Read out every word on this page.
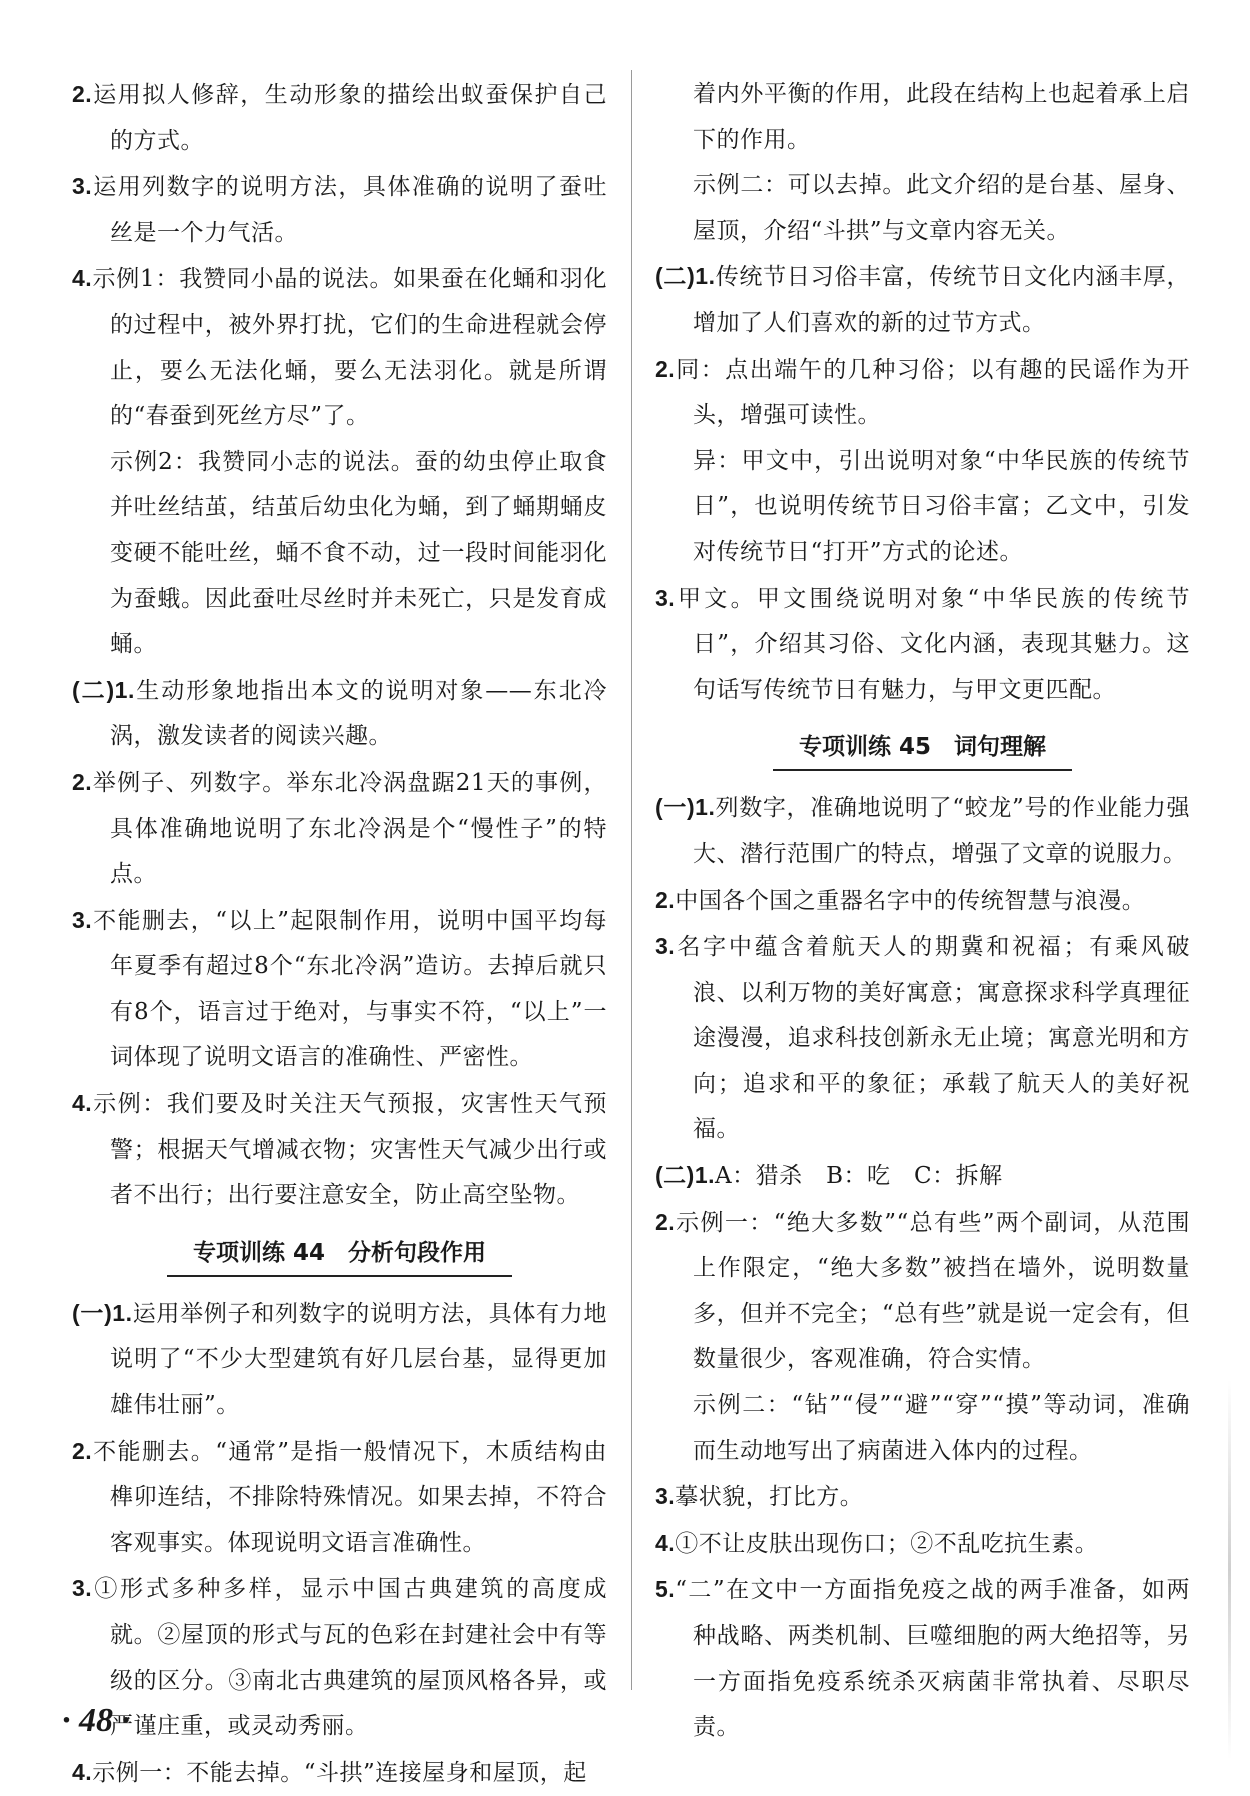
2.运用拟人修辞，生动形象的描绘出蚁蚕保护自己的方式。

3.运用列数字的说明方法，具体准确的说明了蚕吐丝是一个力气活。

4.示例1：我赞同小晶的说法。如果蚕在化蛹和羽化的过程中，被外界打扰，它们的生命进程就会停止，要么无法化蛹，要么无法羽化。就是所谓的“春蚕到死丝方尽”了。

示例2：我赞同小志的说法。蚕的幼虫停止取食并吐丝结茧，结茧后幼虫化为蛹，到了蛹期蛹皮变硬不能吐丝，蛹不食不动，过一段时间能羽化为蚕蛾。因此蚕吐尽丝时并未死亡，只是发育成蛹。

(二)1.生动形象地指出本文的说明对象——东北冷涡，激发读者的阅读兴趣。

2.举例子、列数字。举东北冷涡盘踞21天的事例，具体准确地说明了东北冷涡是个“慢性子”的特点。

3.不能删去，“以上”起限制作用，说明中国平均每年夏季有超过8个“东北冷涡”造访。去掉后就只有8个，语言过于绝对，与事实不符，“以上”一词体现了说明文语言的准确性、严密性。

4.示例：我们要及时关注天气预报，灾害性天气预警；根据天气增减衣物；灾害性天气减少出行或者不出行；出行要注意安全，防止高空坠物。

专项训练 44　分析句段作用

(一)1.运用举例子和列数字的说明方法，具体有力地说明了“不少大型建筑有好几层台基，显得更加雄伟壮丽”。

2.不能删去。“通常”是指一般情况下，木质结构由榫卯连结，不排除特殊情况。如果去掉，不符合客观事实。体现说明文语言准确性。

3.①形式多种多样，显示中国古典建筑的高度成就。②屋顶的形式与瓦的色彩在封建社会中有等级的区分。③南北古典建筑的屋顶风格各异，或严谨庄重，或灵动秀丽。

4.示例一：不能去掉。“斗拱”连接屋身和屋顶，起

着内外平衡的作用，此段在结构上也起着承上启下的作用。

示例二：可以去掉。此文介绍的是台基、屋身、屋顶，介绍“斗拱”与文章内容无关。

(二)1.传统节日习俗丰富，传统节日文化内涵丰厚，增加了人们喜欢的新的过节方式。

2.同：点出端午的几种习俗；以有趣的民谣作为开头，增强可读性。

异：甲文中，引出说明对象“中华民族的传统节日”，也说明传统节日习俗丰富；乙文中，引发对传统节日“打开”方式的论述。

3.甲文。甲文围绕说明对象“中华民族的传统节日”，介绍其习俗、文化内涵，表现其魅力。这句话写传统节日有魅力，与甲文更匹配。

专项训练 45　词句理解

(一)1.列数字，准确地说明了“蛟龙”号的作业能力强大、潜行范围广的特点，增强了文章的说服力。

2.中国各个国之重器名字中的传统智慧与浪漫。

3.名字中蕴含着航天人的期冀和祝福；有乘风破浪、以利万物的美好寓意；寓意探求科学真理征途漫漫，追求科技创新永无止境；寓意光明和方向；追求和平的象征；承载了航天人的美好祝福。

(二)1.A：猎杀　B：吃　C：拆解

2.示例一：“绝大多数”“总有些”两个副词，从范围上作限定，“绝大多数”被挡在墙外，说明数量多，但并不完全；“总有些”就是说一定会有，但数量很少，客观准确，符合实情。

示例二：“钻”“侵”“避”“穿”“摸”等动词，准确而生动地写出了病菌进入体内的过程。

3.摹状貌，打比方。

4.①不让皮肤出现伤口；②不乱吃抗生素。

5.“二”在文中一方面指免疫之战的两手准备，如两种战略、两类机制、巨噬细胞的两大绝招等，另一方面指免疫系统杀灭病菌非常执着、尽职尽责。

· 48 ·
